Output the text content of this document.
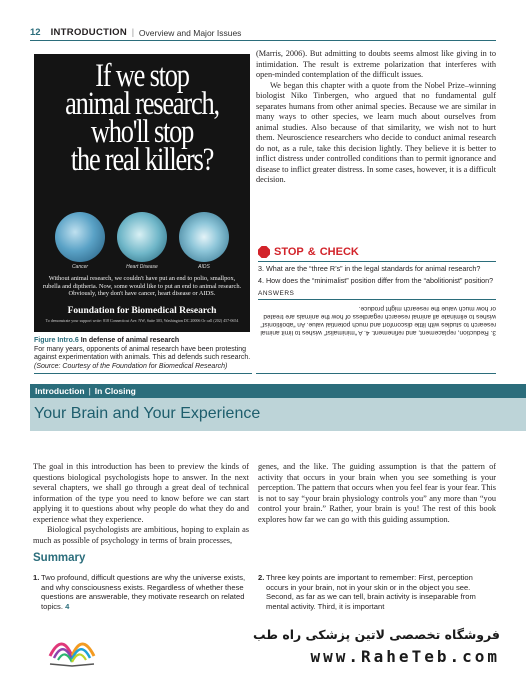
12 INTRODUCTION | Overview and Major Issues
If we stop
animal research,
who'll stop
the real killers?
Cancer	Heart Disease	AIDS
Without animal research, we couldn't have put an end to polio, smallpox, rubella and diptheria. Now, some would like to put an end to animal research. Obviously, they don't have cancer, heart disease or AIDS.
Foundation for Biomedical Research
To demonstrate your support write: 818 Connecticut Ave. NW, Suite 303, Washington DC 20006 Or call (202) 457-0654
Figure Intro.6 In defense of animal research
For many years, opponents of animal research have been protesting against experimentation with animals. This ad defends such research.
(Source: Courtesy of the Foundation for Biomedical Research)

(Marris, 2006). But admitting to doubts seems almost like giving in to intimidation. The result is extreme polarization that interferes with open-minded contemplation of the difficult issues.

We began this chapter with a quote from the Nobel Prize–winning biologist Niko Tinbergen, who argued that no fundamental gulf separates humans from other animal species. Because we are similar in many ways to other species, we learn much about ourselves from animal studies. Also because of that similarity, we wish not to hurt them. Neuroscience researchers who decide to conduct animal research do not, as a rule, take this decision lightly. They believe it is better to inflict distress under controlled conditions than to permit ignorance and disease to inflict greater distress. In some cases, however, it is a difficult decision.

STOP & CHECK
3. What are the “three R’s” in the legal standards for animal research?
4. How does the “minimalist” position differ from the “abolitionist” position?
ANSWERS
3. Reduction, replacement, and refinement. 4. A “minimalist” wishes to limit animal research to studies with little discomfort and much potential value. An “abolitionist” wishes to eliminate all animal research regardless of how the animals are treated or how much value the research might produce.
Introduction | In Closing
Your Brain and Your Experience

The goal in this introduction has been to preview the kinds of questions biological psychologists hope to answer. In the next several chapters, we shall go through a great deal of technical information of the type you need to know before we can start applying it to questions about why people do what they do and experience what they experience.

Biological psychologists are ambitious, hoping to explain as much as possible of psychology in terms of brain processes,

genes, and the like. The guiding assumption is that the pattern of activity that occurs in your brain when you see something is your perception. The pattern that occurs when you feel fear is your fear. This is not to say “your brain physiology controls you” any more than “you control your brain.” Rather, your brain is you! The rest of this book explores how far we can go with this guiding assumption.

Summary
1. Two profound, difficult questions are why the universe exists, and why consciousness exists. Regardless of whether these questions are answerable, they motivate research on related topics. 4
2. Three key points are important to remember: First, perception occurs in your brain, not in your skin or in the object you see. Second, as far as we can tell, brain activity is inseparable from mental activity. Third, it is important
فروشگاه تخصصی لاتین پزشکی راه طب
www.RaheTeb.com
